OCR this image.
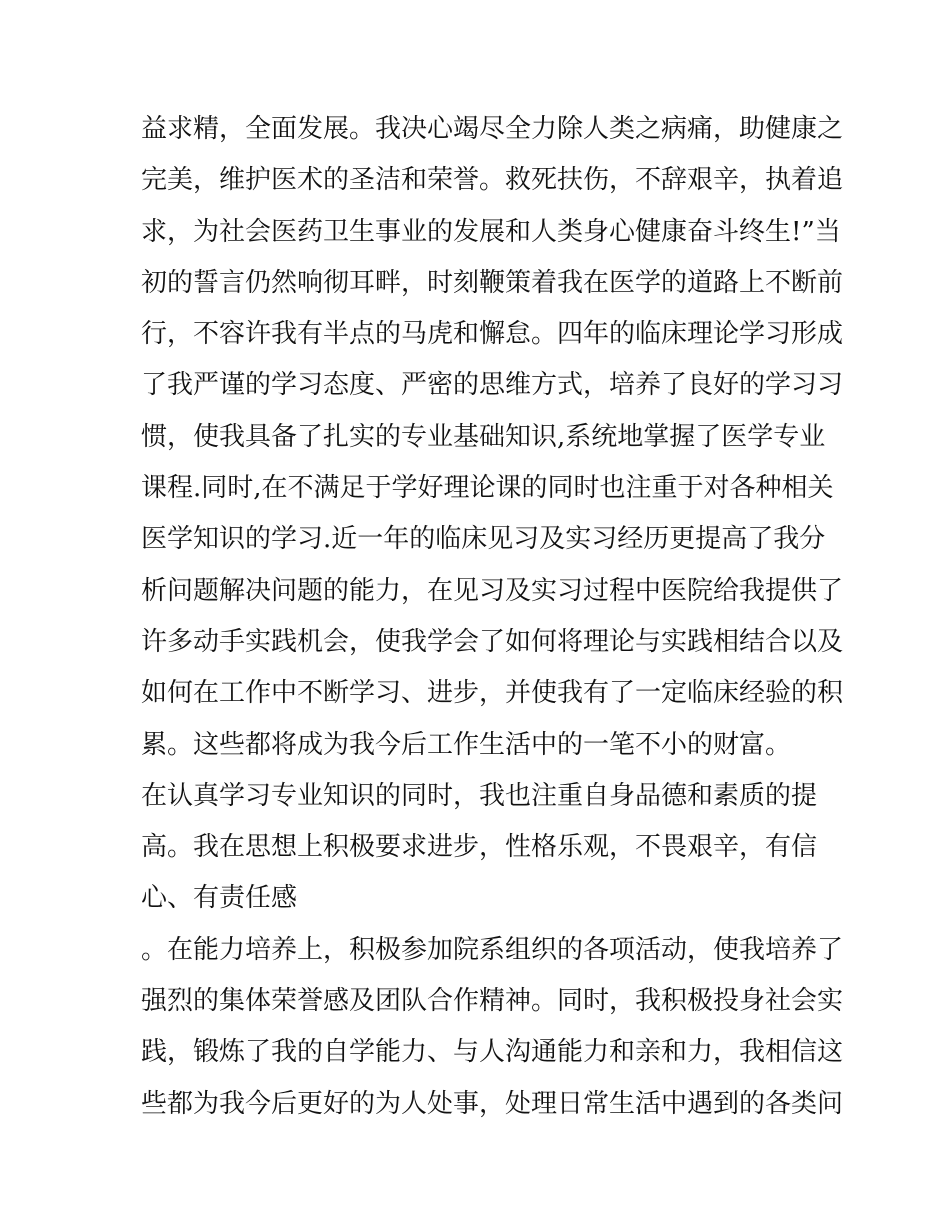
益求精，全面发展。我决心竭尽全力除人类之病痛，助健康之
完美，维护医术的圣洁和荣誉。救死扶伤，不辞艰辛，执着追
求，为社会医药卫生事业的发展和人类身心健康奋斗终生!”当
初的誓言仍然响彻耳畔，时刻鞭策着我在医学的道路上不断前
行，不容许我有半点的马虎和懈怠。四年的临床理论学习形成
了我严谨的学习态度、严密的思维方式，培养了良好的学习习
惯，使我具备了扎实的专业基础知识,系统地掌握了医学专业
课程.同时,在不满足于学好理论课的同时也注重于对各种相关
医学知识的学习.近一年的临床见习及实习经历更提高了我分
析问题解决问题的能力，在见习及实习过程中医院给我提供了
许多动手实践机会，使我学会了如何将理论与实践相结合以及
如何在工作中不断学习、进步，并使我有了一定临床经验的积
累。这些都将成为我今后工作生活中的一笔不小的财富。
在认真学习专业知识的同时，我也注重自身品德和素质的提
高。我在思想上积极要求进步，性格乐观，不畏艰辛，有信
心、有责任感
。在能力培养上，积极参加院系组织的各项活动，使我培养了
强烈的集体荣誉感及团队合作精神。同时，我积极投身社会实
践，锻炼了我的自学能力、与人沟通能力和亲和力，我相信这
些都为我今后更好的为人处事，处理日常生活中遇到的各类问
